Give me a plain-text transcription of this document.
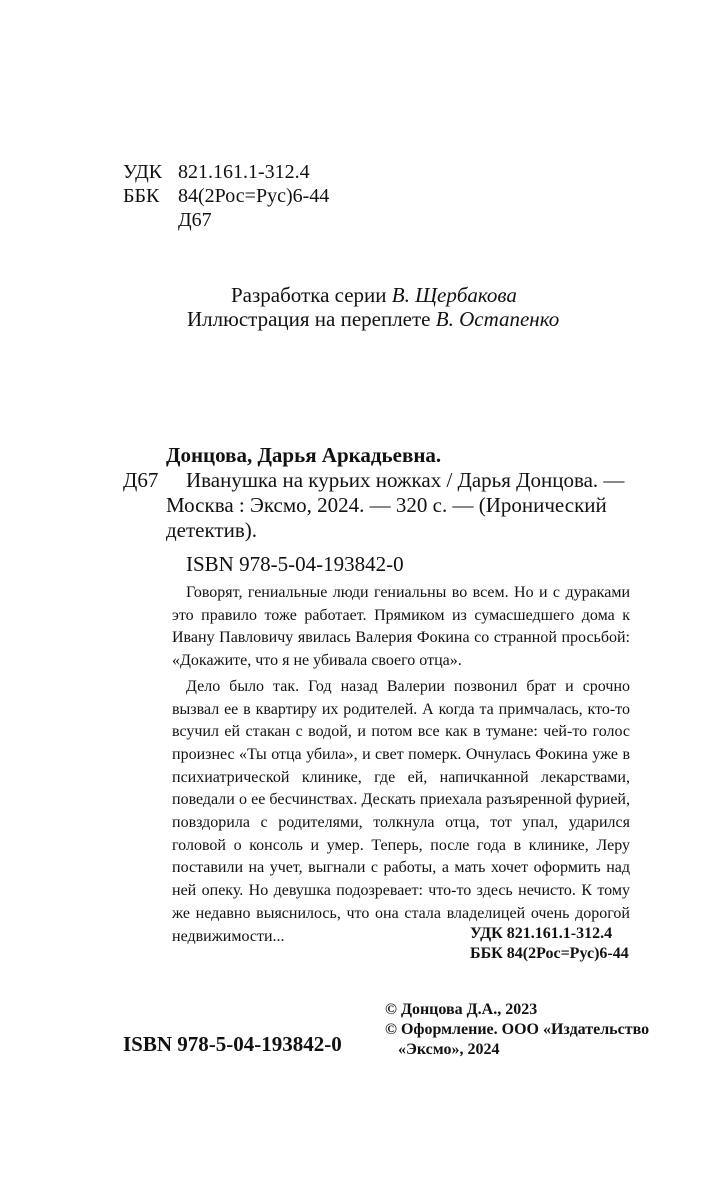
УДК 821.161.1-312.4
ББК 84(2Рос=Рус)6-44
Д67
Разработка серии В. Щербакова
Иллюстрация на переплете В. Остапенко
Донцова, Дарья Аркадьевна.
Д67 Иванушка на курьих ножках / Дарья Донцова. —
Москва : Эксмо, 2024. — 320 с. — (Иронический
детектив).
ISBN 978-5-04-193842-0

Говорят, гениальные люди гениальны во всем. Но и с дураками это правило тоже работает. Прямиком из сумасшедшего дома к Ивану Павловичу явилась Валерия Фокина со странной просьбой: «Докажите, что я не убивала своего отца».

Дело было так. Год назад Валерии позвонил брат и срочно вызвал ее в квартиру их родителей. А когда та примчалась, кто-то всучил ей стакан с водой, и потом все как в тумане: чей-то голос произнес «Ты отца убила», и свет померк. Очнулась Фокина уже в психиатрической клинике, где ей, напичканной лекарствами, поведали о ее бесчинствах. Дескать приехала разъяренной фурией, повздорила с родителями, толкнула отца, тот упал, ударился головой о консоль и умер. Теперь, после года в клинике, Леру поставили на учет, выгнали с работы, а мать хочет оформить над ней опеку. Но девушка подозревает: что-то здесь нечисто. К тому же недавно выяснилось, что она стала владелицей очень дорогой недвижимости...	УДК 821.161.1-312.4
ББК 84(2Рос=Рус)6-44
© Донцова Д.А., 2023
© Оформление. ООО «Издательство
«Эксмо», 2024
ISBN 978-5-04-193842-0
